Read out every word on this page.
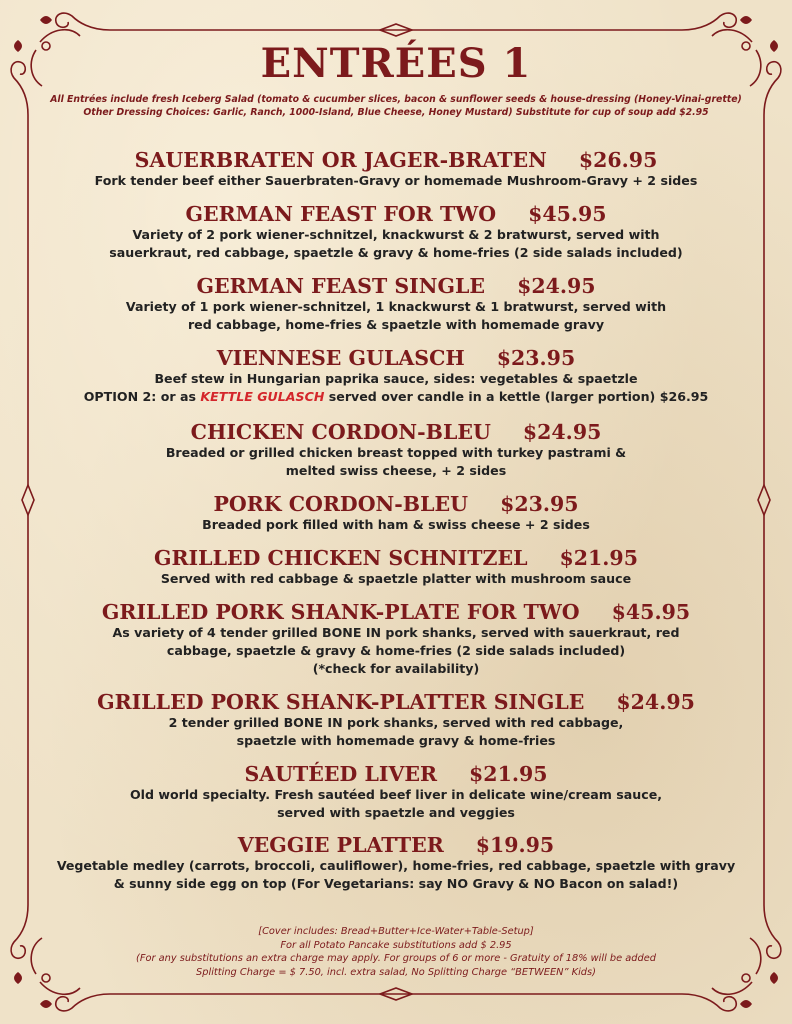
ENTRÉES 1

All Entrées include fresh Iceberg Salad (tomato & cucumber slices, bacon & sunflower seeds & house-dressing (Honey-Vinai-grette) Other Dressing Choices: Garlic, Ranch, 1000-Island, Blue Cheese, Honey Mustard) Substitute for cup of soup add $2.95

SAUERBRATEN OR JAGER-BRATEN $26.95
Fork tender beef either Sauerbraten-Gravy or homemade Mushroom-Gravy + 2 sides
GERMAN FEAST FOR TWO $45.95
Variety of 2 pork wiener-schnitzel, knackwurst & 2 bratwurst, served with
sauerkraut, red cabbage, spaetzle & gravy & home-fries (2 side salads included)
GERMAN FEAST SINGLE $24.95
Variety of 1 pork wiener-schnitzel, 1 knackwurst & 1 bratwurst, served with
red cabbage, home-fries & spaetzle with homemade gravy
VIENNESE GULASCH $23.95
Beef stew in Hungarian paprika sauce, sides: vegetables & spaetzle
OPTION 2: or as KETTLE GULASCH served over candle in a kettle (larger portion) $26.95
CHICKEN CORDON-BLEU $24.95
Breaded or grilled chicken breast topped with turkey pastrami &
melted swiss cheese, + 2 sides
PORK CORDON-BLEU $23.95
Breaded pork filled with ham & swiss cheese + 2 sides
GRILLED CHICKEN SCHNITZEL $21.95
Served with red cabbage & spaetzle platter with mushroom sauce
GRILLED PORK SHANK-PLATE FOR TWO $45.95
As variety of 4 tender grilled BONE IN pork shanks, served with sauerkraut, red
cabbage, spaetzle & gravy & home-fries (2 side salads included)
(*check for availability)
GRILLED PORK SHANK-PLATTER SINGLE $24.95
2 tender grilled BONE IN pork shanks, served with red cabbage,
spaetzle with homemade gravy & home-fries
SAUTÉED LIVER $21.95
Old world specialty. Fresh sautéed beef liver in delicate wine/cream sauce,
served with spaetzle and veggies
VEGGIE PLATTER $19.95
Vegetable medley (carrots, broccoli, cauliflower), home-fries, red cabbage, spaetzle with gravy
& sunny side egg on top (For Vegetarians: say NO Gravy & NO Bacon on salad!)
[Cover includes: Bread+Butter+Ice-Water+Table-Setup]
For all Potato Pancake substitutions add $ 2.95
(For any substitutions an extra charge may apply. For groups of 6 or more - Gratuity of 18% will be added
Splitting Charge = $ 7.50, incl. extra salad, No Splitting Charge “BETWEEN” Kids)
